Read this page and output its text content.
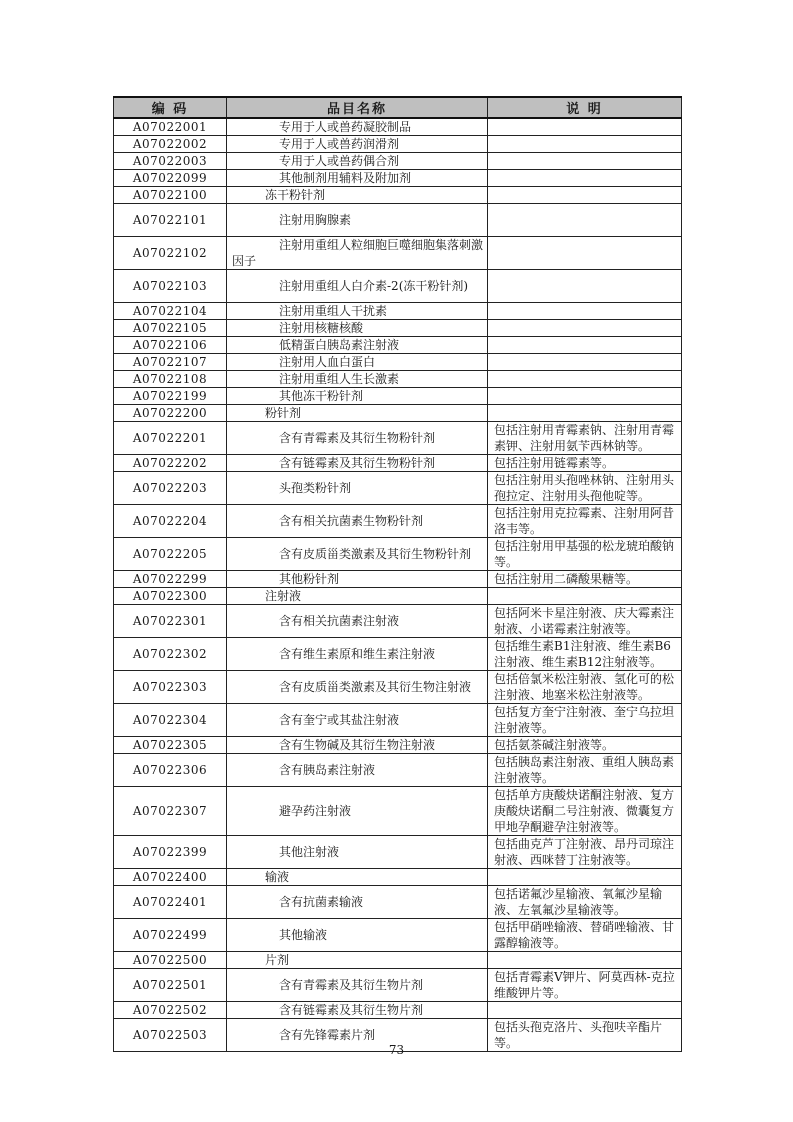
编 码	品目名称	说 明
A07022001	专用于人或兽药凝胶制品	

A07022002	专用于人或兽药润滑剂	

A07022003	专用于人或兽药偶合剂	

A07022099	其他制剂用辅料及附加剂	

A07022100	冻干粉针剂	

A07022101	注射用胸腺素	

A07022102	注射用重组人粒细胞巨噬细胞集落刺激因子	

A07022103	注射用重组人白介素-2(冻干粉针剂)	

A07022104	注射用重组人干扰素	

A07022105	注射用核糖核酸	

A07022106	低精蛋白胰岛素注射液	

A07022107	注射用人血白蛋白	

A07022108	注射用重组人生长激素	

A07022199	其他冻干粉针剂	

A07022200	粉针剂	

A07022201	含有青霉素及其衍生物粉针剂	包括注射用青霉素钠、注射用青霉素钾、注射用氨苄西林钠等。
A07022202	含有链霉素及其衍生物粉针剂	包括注射用链霉素等。
A07022203	头孢类粉针剂	包括注射用头孢唑林钠、注射用头孢拉定、注射用头孢他啶等。
A07022204	含有相关抗菌素生物粉针剂	包括注射用克拉霉素、注射用阿昔洛韦等。
A07022205	含有皮质甾类激素及其衍生物粉针剂	包括注射用甲基强的松龙琥珀酸钠等。
A07022299	其他粉针剂	包括注射用二磷酸果糖等。
A07022300	注射液	

A07022301	含有相关抗菌素注射液	包括阿米卡星注射液、庆大霉素注射液、小诺霉素注射液等。
A07022302	含有维生素原和维生素注射液	包括维生素B1注射液、维生素B6注射液、维生素B12注射液等。
A07022303	含有皮质甾类激素及其衍生物注射液	包括倍氯米松注射液、氢化可的松注射液、地塞米松注射液等。
A07022304	含有奎宁或其盐注射液	包括复方奎宁注射液、奎宁乌拉坦注射液等。
A07022305	含有生物碱及其衍生物注射液	包括氨茶碱注射液等。
A07022306	含有胰岛素注射液	包括胰岛素注射液、重组人胰岛素注射液等。
A07022307	避孕药注射液	包括单方庚酸炔诺酮注射液、复方庚酸炔诺酮二号注射液、微囊复方甲地孕酮避孕注射液等。
A07022399	其他注射液	包括曲克芦丁注射液、昂丹司琼注射液、西咪替丁注射液等。
A07022400	输液	

A07022401	含有抗菌素输液	包括诺氟沙星输液、氧氟沙星输液、左氧氟沙星输液等。
A07022499	其他输液	包括甲硝唑输液、替硝唑输液、甘露醇输液等。
A07022500	片剂	

A07022501	含有青霉素及其衍生物片剂	包括青霉素V钾片、阿莫西林-克拉维酸钾片等。
A07022502	含有链霉素及其衍生物片剂	

A07022503	含有先锋霉素片剂	包括头孢克洛片、头孢呋辛酯片等。
73
